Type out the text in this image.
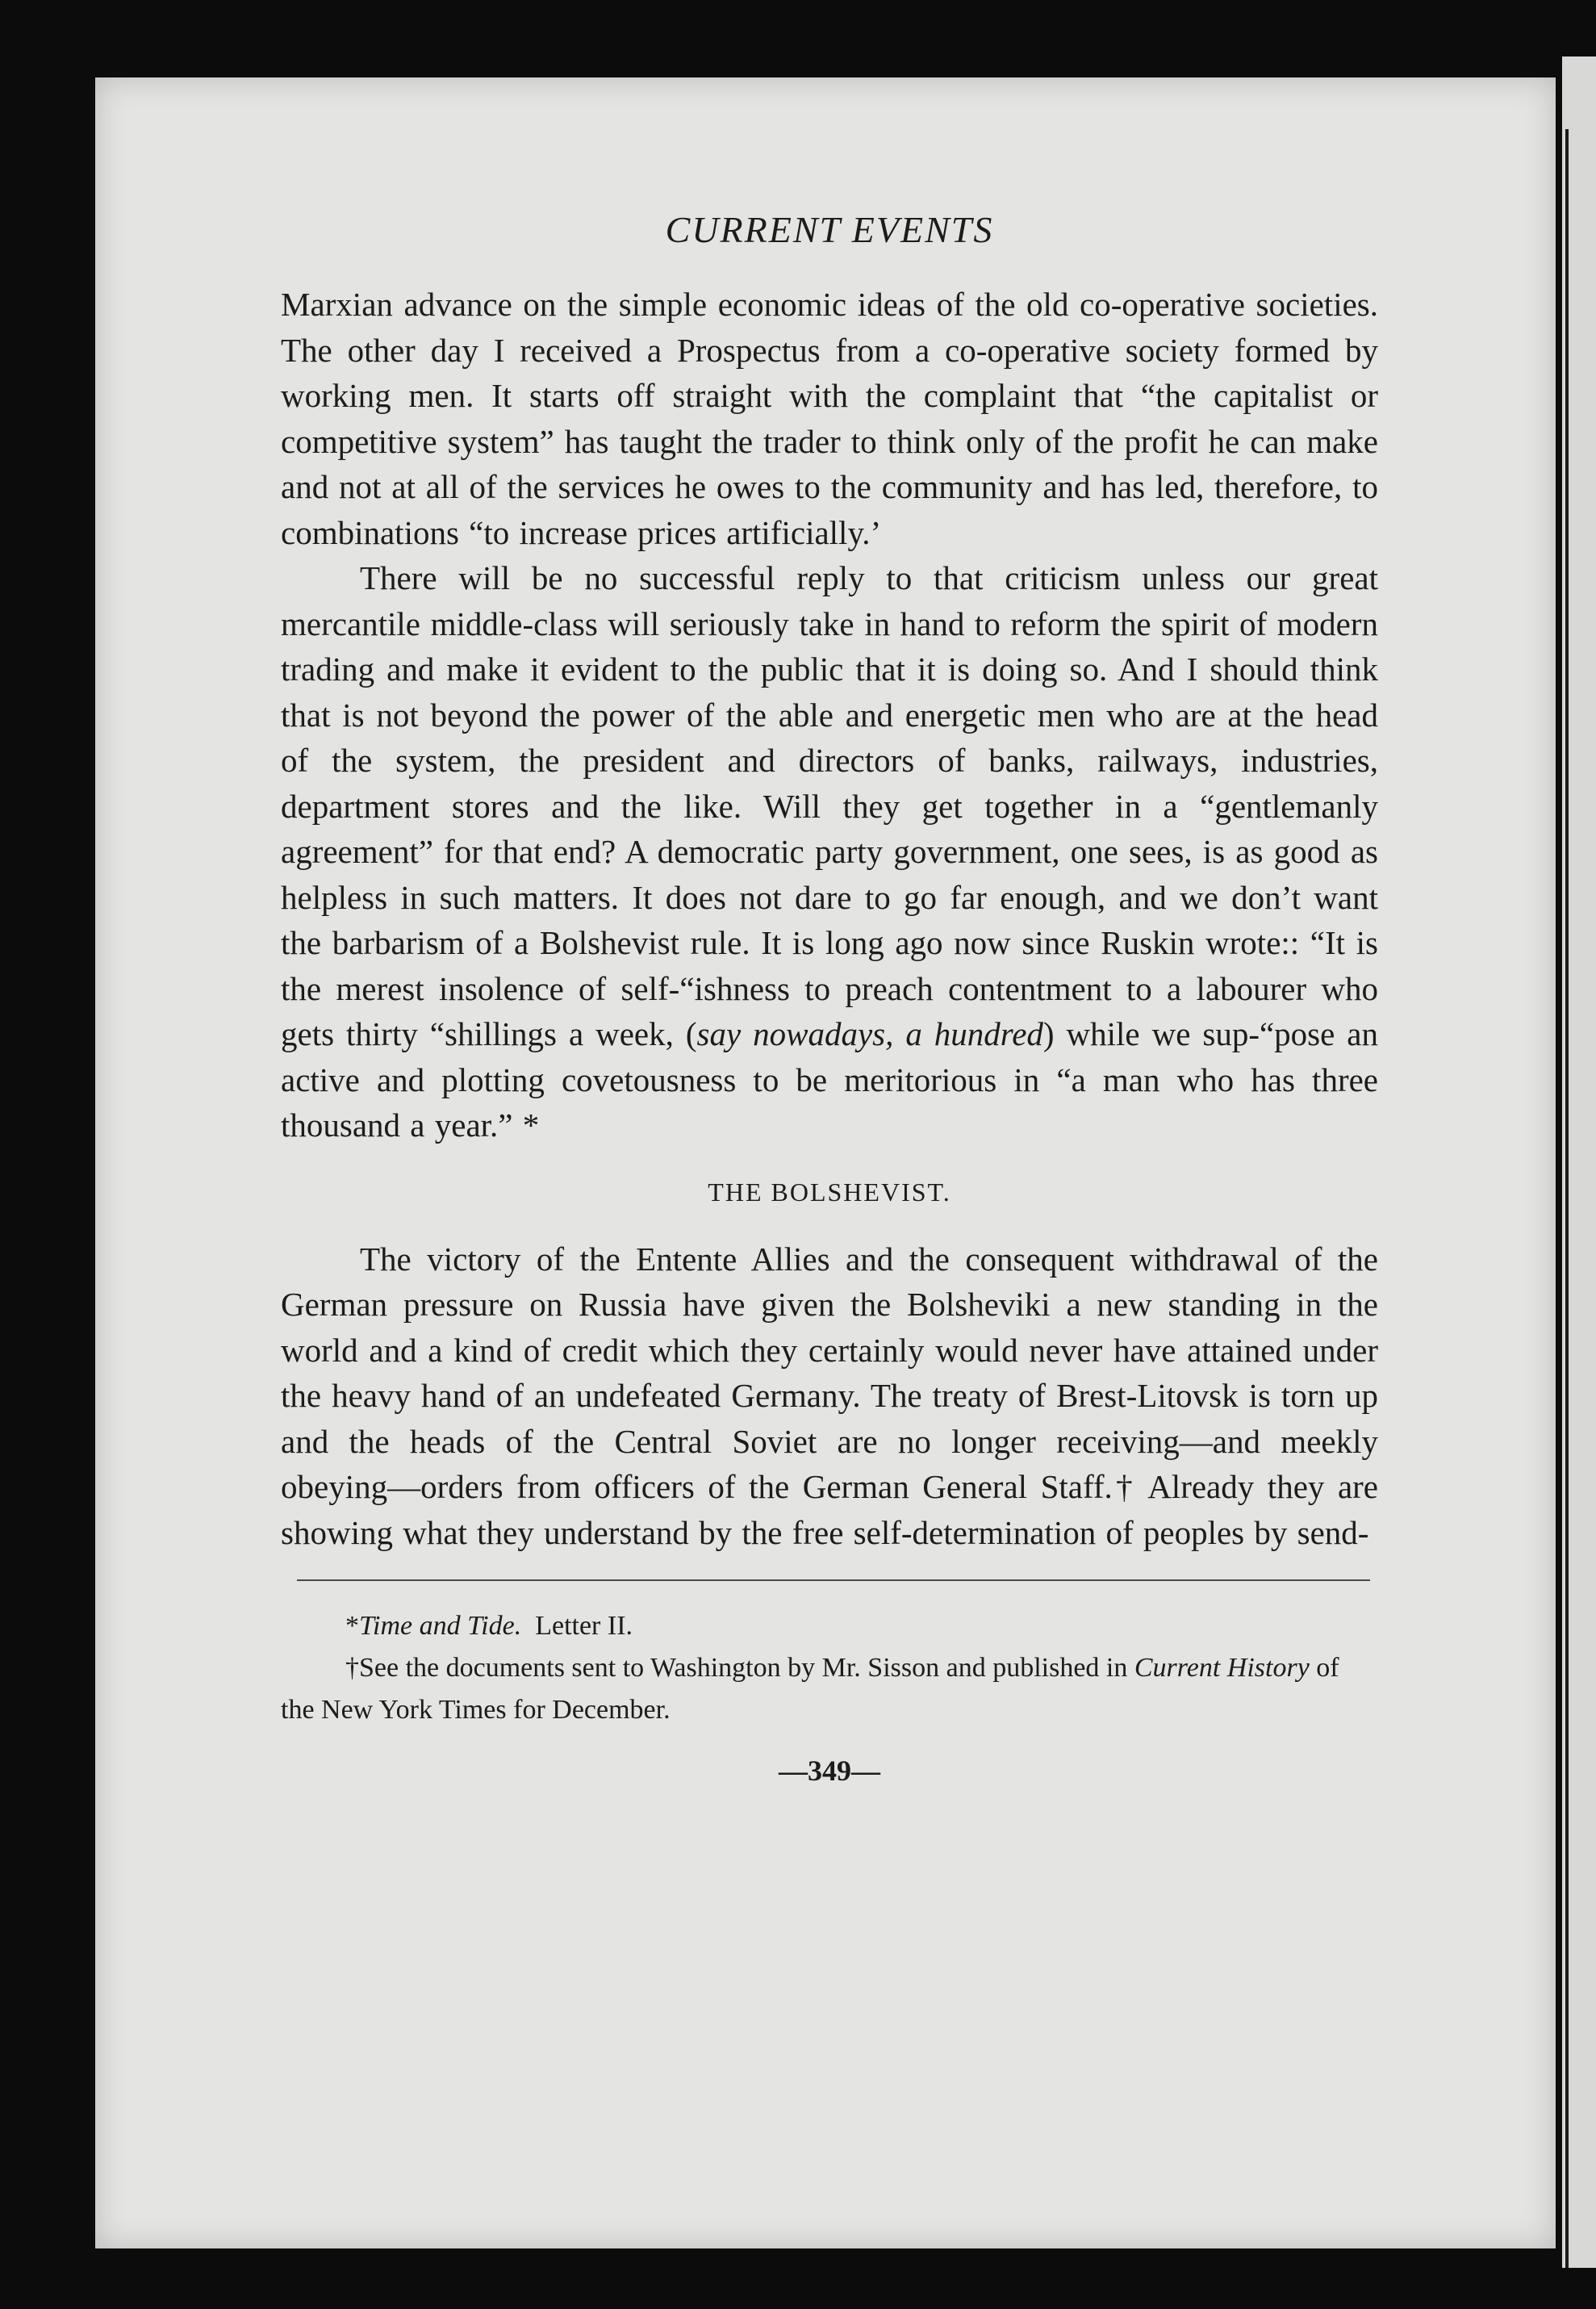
CURRENT EVENTS

Marxian advance on the simple economic ideas of the old co-operative societies. The other day I received a Prospectus from a co-operative society formed by working men. It starts off straight with the complaint that “the capitalist or competitive system” has taught the trader to think only of the profit he can make and not at all of the services he owes to the community and has led, therefore, to combinations “to increase prices artificially.’

There will be no successful reply to that criticism unless our great mercantile middle-class will seriously take in hand to reform the spirit of modern trading and make it evident to the public that it is doing so. And I should think that is not beyond the power of the able and energetic men who are at the head of the system, the president and directors of banks, railways, industries, department stores and the like. Will they get together in a “gentlemanly agreement” for that end? A democratic party government, one sees, is as good as helpless in such matters. It does not dare to go far enough, and we don’t want the barbarism of a Bolshevist rule. It is long ago now since Ruskin wrote:: “It is the merest insolence of self-“ishness to preach contentment to a labourer who gets thirty “shillings a week, (say nowadays, a hundred) while we sup-“pose an active and plotting covetousness to be meritorious in “a man who has three thousand a year.” *

THE BOLSHEVIST.

The victory of the Entente Allies and the consequent withdrawal of the German pressure on Russia have given the Bolsheviki a new standing in the world and a kind of credit which they certainly would never have attained under the heavy hand of an undefeated Germany. The treaty of Brest-Litovsk is torn up and the heads of the Central Soviet are no longer receiving—and meekly obeying—orders from officers of the German General Staff.† Already they are showing what they understand by the free self-determination of peoples by send-

*Time and Tide. Letter II.

†See the documents sent to Washington by Mr. Sisson and published in Current History of the New York Times for December.

—349—
